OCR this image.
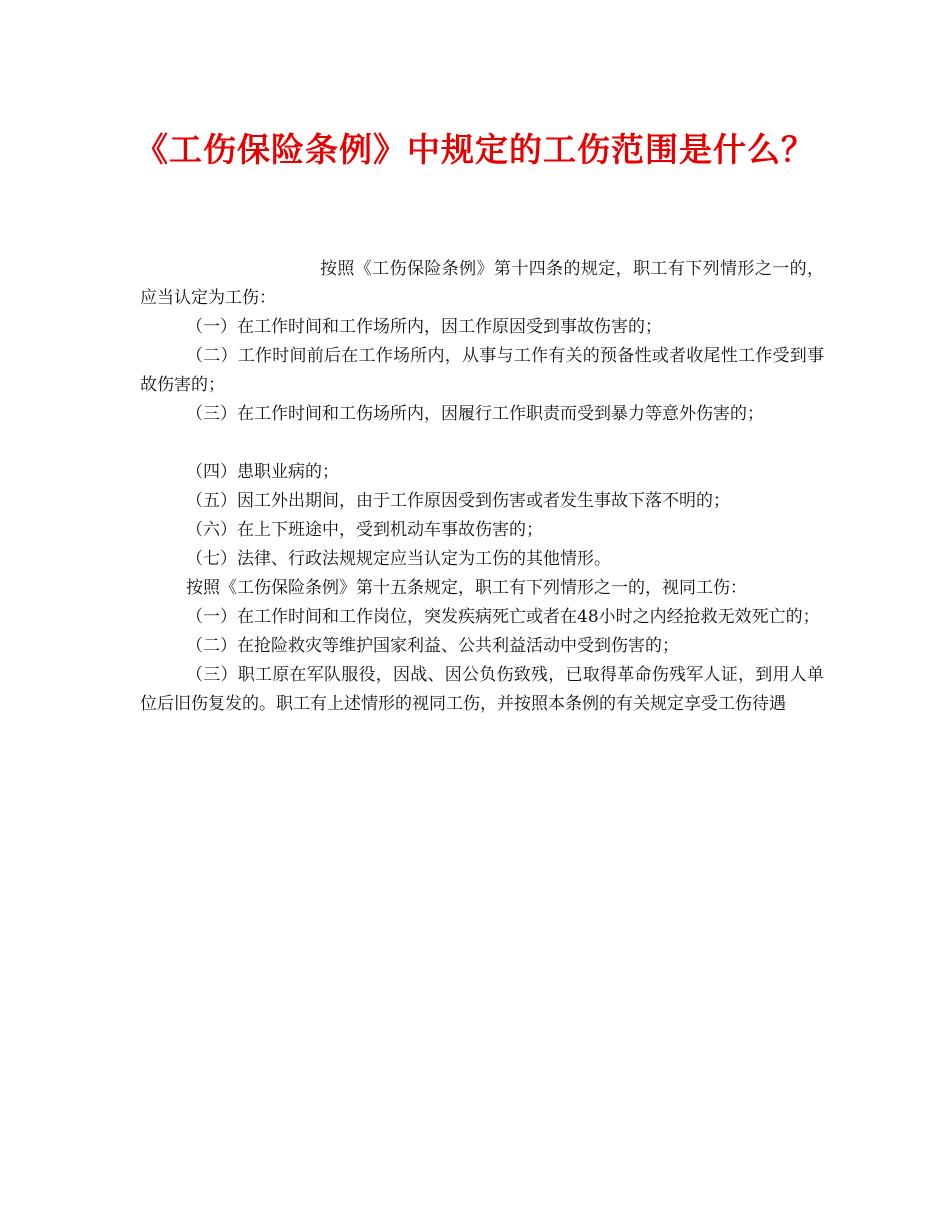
《工伤保险条例》中规定的工伤范围是什么？

按照《工伤保险条例》第十四条的规定，职工有下列情形之一的，应当认定为工伤：

（一）在工作时间和工作场所内，因工作原因受到事故伤害的；

（二）工作时间前后在工作场所内，从事与工作有关的预备性或者收尾性工作受到事故伤害的；

（三）在工作时间和工伤场所内，因履行工作职责而受到暴力等意外伤害的；

（四）患职业病的；

（五）因工外出期间，由于工作原因受到伤害或者发生事故下落不明的；

（六）在上下班途中，受到机动车事故伤害的；

（七）法律、行政法规规定应当认定为工伤的其他情形。

按照《工伤保险条例》第十五条规定，职工有下列情形之一的，视同工伤：

（一）在工作时间和工作岗位，突发疾病死亡或者在48小时之内经抢救无效死亡的；

（二）在抢险救灾等维护国家利益、公共利益活动中受到伤害的；

（三）职工原在军队服役，因战、因公负伤致残，已取得革命伤残军人证，到用人单位后旧伤复发的。职工有上述情形的视同工伤，并按照本条例的有关规定享受工伤待遇
